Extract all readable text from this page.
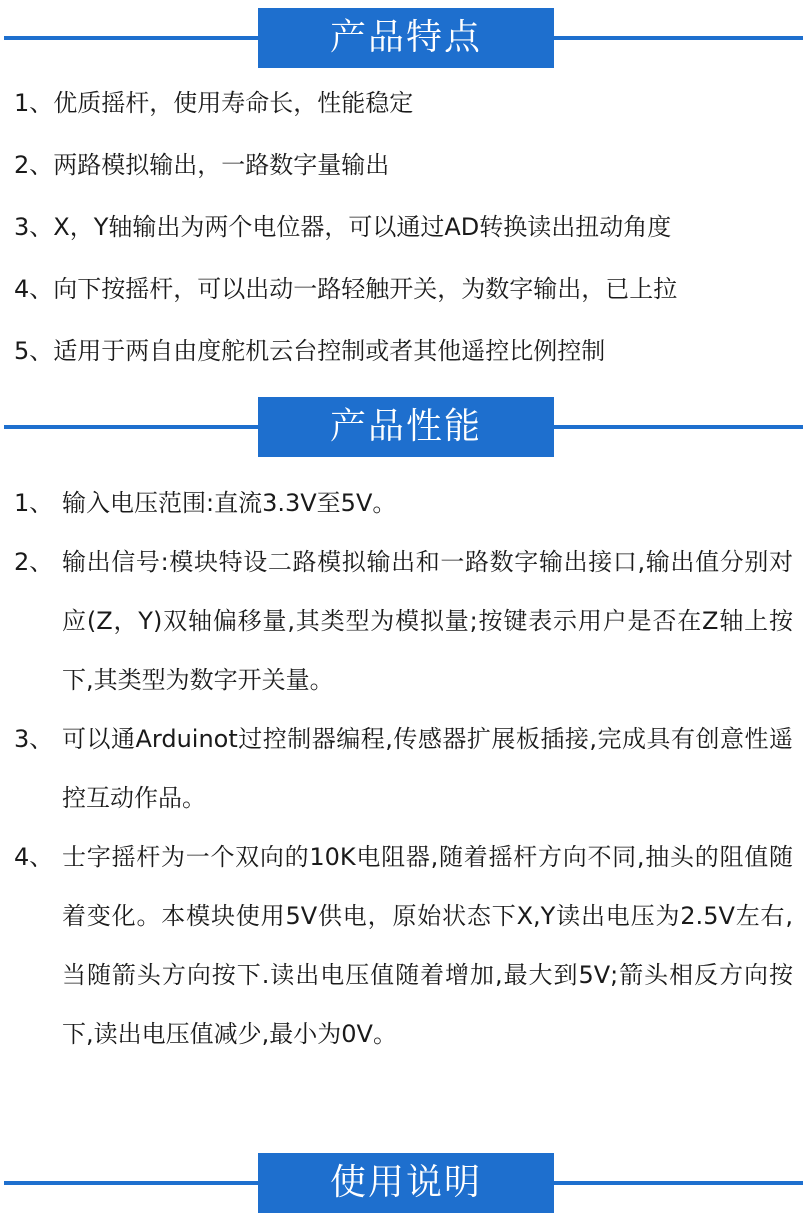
产品特点
1、优质摇杆，使用寿命长，性能稳定
2、两路模拟输出，一路数字量输出
3、X，Y轴输出为两个电位器，可以通过AD转换读出扭动角度
4、向下按摇杆，可以出动一路轻触开关，为数字输出，已上拉
5、适用于两自由度舵机云台控制或者其他遥控比例控制
产品性能
1、 输入电压范围:直流3.3V至5V。
2、 输出信号:模块特设二路模拟输出和一路数字输出接口,输出值分别对应(Z，Y)双轴偏移量,其类型为模拟量;按键表示用户是否在Z轴上按下,其类型为数字开关量。
3、 可以通Arduinot过控制器编程,传感器扩展板插接,完成具有创意性遥控互动作品。
4、 士字摇杆为一个双向的10K电阻器,随着摇杆方向不同,抽头的阻值随着变化。本模块使用5V供电，原始状态下X,Y读出电压为2.5V左右,当随箭头方向按下.读出电压值随着增加,最大到5V;箭头相反方向按下,读出电压值减少,最小为0V。
使用说明
